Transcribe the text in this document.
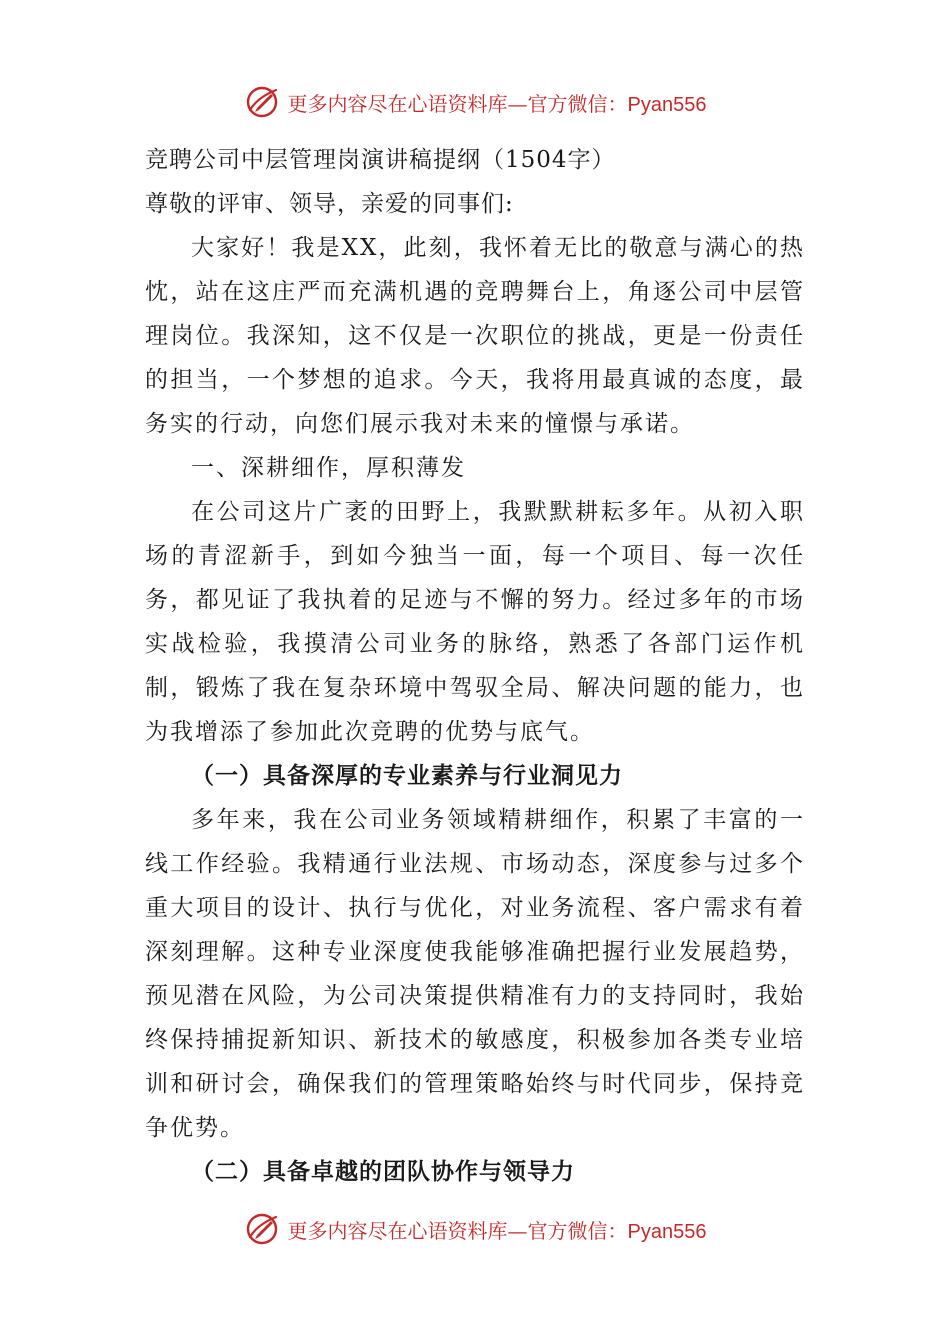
更多内容尽在心语资料库—官方微信：Pyan556

竞聘公司中层管理岗演讲稿提纲（1504字）

尊敬的评审、领导，亲爱的同事们:

大家好！我是XX，此刻，我怀着无比的敬意与满心的热忱，站在这庄严而充满机遇的竞聘舞台上，角逐公司中层管理岗位。我深知，这不仅是一次职位的挑战，更是一份责任的担当，一个梦想的追求。今天，我将用最真诚的态度，最务实的行动，向您们展示我对未来的憧憬与承诺。

一、深耕细作，厚积薄发

在公司这片广袤的田野上，我默默耕耘多年。从初入职场的青涩新手，到如今独当一面，每一个项目、每一次任务，都见证了我执着的足迹与不懈的努力。经过多年的市场实战检验，我摸清公司业务的脉络，熟悉了各部门运作机制，锻炼了我在复杂环境中驾驭全局、解决问题的能力，也为我增添了参加此次竞聘的优势与底气。

（一）具备深厚的专业素养与行业洞见力

多年来，我在公司业务领域精耕细作，积累了丰富的一线工作经验。我精通行业法规、市场动态，深度参与过多个重大项目的设计、执行与优化，对业务流程、客户需求有着深刻理解。这种专业深度使我能够准确把握行业发展趋势，预见潜在风险，为公司决策提供精准有力的支持同时，我始终保持捕捉新知识、新技术的敏感度，积极参加各类专业培训和研讨会，确保我们的管理策略始终与时代同步，保持竞争优势。

（二）具备卓越的团队协作与领导力

更多内容尽在心语资料库—官方微信：Pyan556
